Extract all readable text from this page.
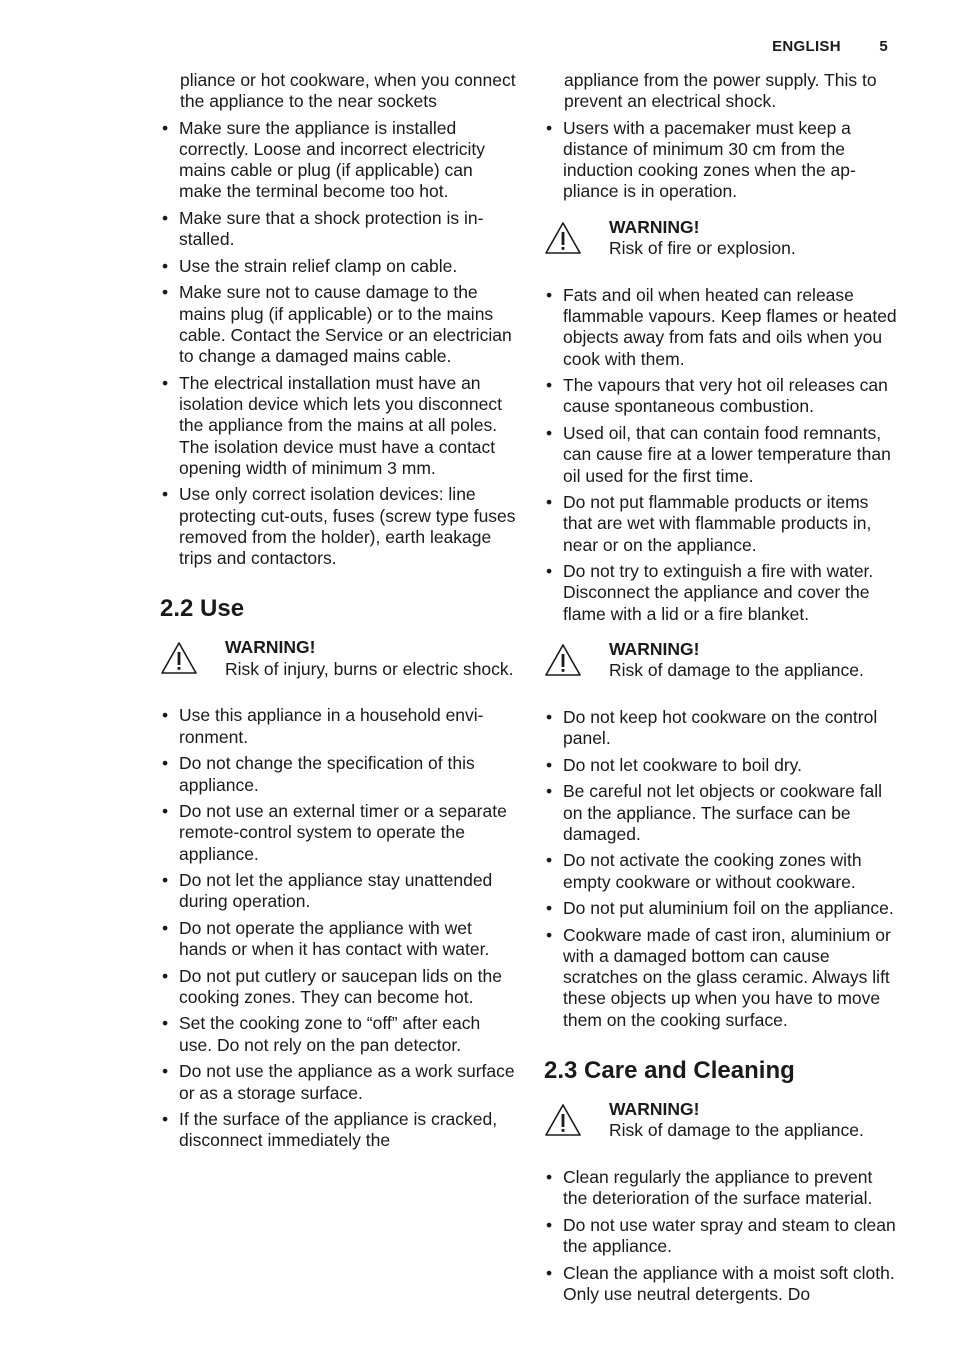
ENGLISH	5

pliance or hot cookware, when you connect the appliance to the near sockets

• Make sure the appliance is installed correctly. Loose and incorrect electricity mains cable or plug (if applicable) can make the terminal become too hot.
• Make sure that a shock protection is installed.
• Use the strain relief clamp on cable.
• Make sure not to cause damage to the mains plug (if applicable) or to the mains cable. Contact the Service or an electrician to change a damaged mains cable.
• The electrical installation must have an isolation device which lets you disconnect the appliance from the mains at all poles. The isolation device must have a contact opening width of minimum 3 mm.
• Use only correct isolation devices: line protecting cut-outs, fuses (screw type fuses removed from the holder), earth leakage trips and contactors.
2.2 Use
WARNING!
Risk of injury, burns or electric shock.
• Use this appliance in a household environment.
• Do not change the specification of this appliance.
• Do not use an external timer or a separate remote-control system to operate the appliance.
• Do not let the appliance stay unattended during operation.
• Do not operate the appliance with wet hands or when it has contact with water.
• Do not put cutlery or saucepan lids on the cooking zones. They can become hot.
• Set the cooking zone to “off” after each use. Do not rely on the pan detector.
• Do not use the appliance as a work surface or as a storage surface.
• If the surface of the appliance is cracked, disconnect immediately the

appliance from the power supply. This to prevent an electrical shock.

• Users with a pacemaker must keep a distance of minimum 30 cm from the induction cooking zones when the appliance is in operation.
WARNING!
Risk of fire or explosion.
• Fats and oil when heated can release flammable vapours. Keep flames or heated objects away from fats and oils when you cook with them.
• The vapours that very hot oil releases can cause spontaneous combustion.
• Used oil, that can contain food remnants, can cause fire at a lower temperature than oil used for the first time.
• Do not put flammable products or items that are wet with flammable products in, near or on the appliance.
• Do not try to extinguish a fire with water. Disconnect the appliance and cover the flame with a lid or a fire blanket.
WARNING!
Risk of damage to the appliance.
• Do not keep hot cookware on the control panel.
• Do not let cookware to boil dry.
• Be careful not let objects or cookware fall on the appliance. The surface can be damaged.
• Do not activate the cooking zones with empty cookware or without cookware.
• Do not put aluminium foil on the appliance.
• Cookware made of cast iron, aluminium or with a damaged bottom can cause scratches on the glass ceramic. Always lift these objects up when you have to move them on the cooking surface.
2.3 Care and Cleaning
WARNING!
Risk of damage to the appliance.
• Clean regularly the appliance to prevent the deterioration of the surface material.
• Do not use water spray and steam to clean the appliance.
• Clean the appliance with a moist soft cloth. Only use neutral detergents. Do
